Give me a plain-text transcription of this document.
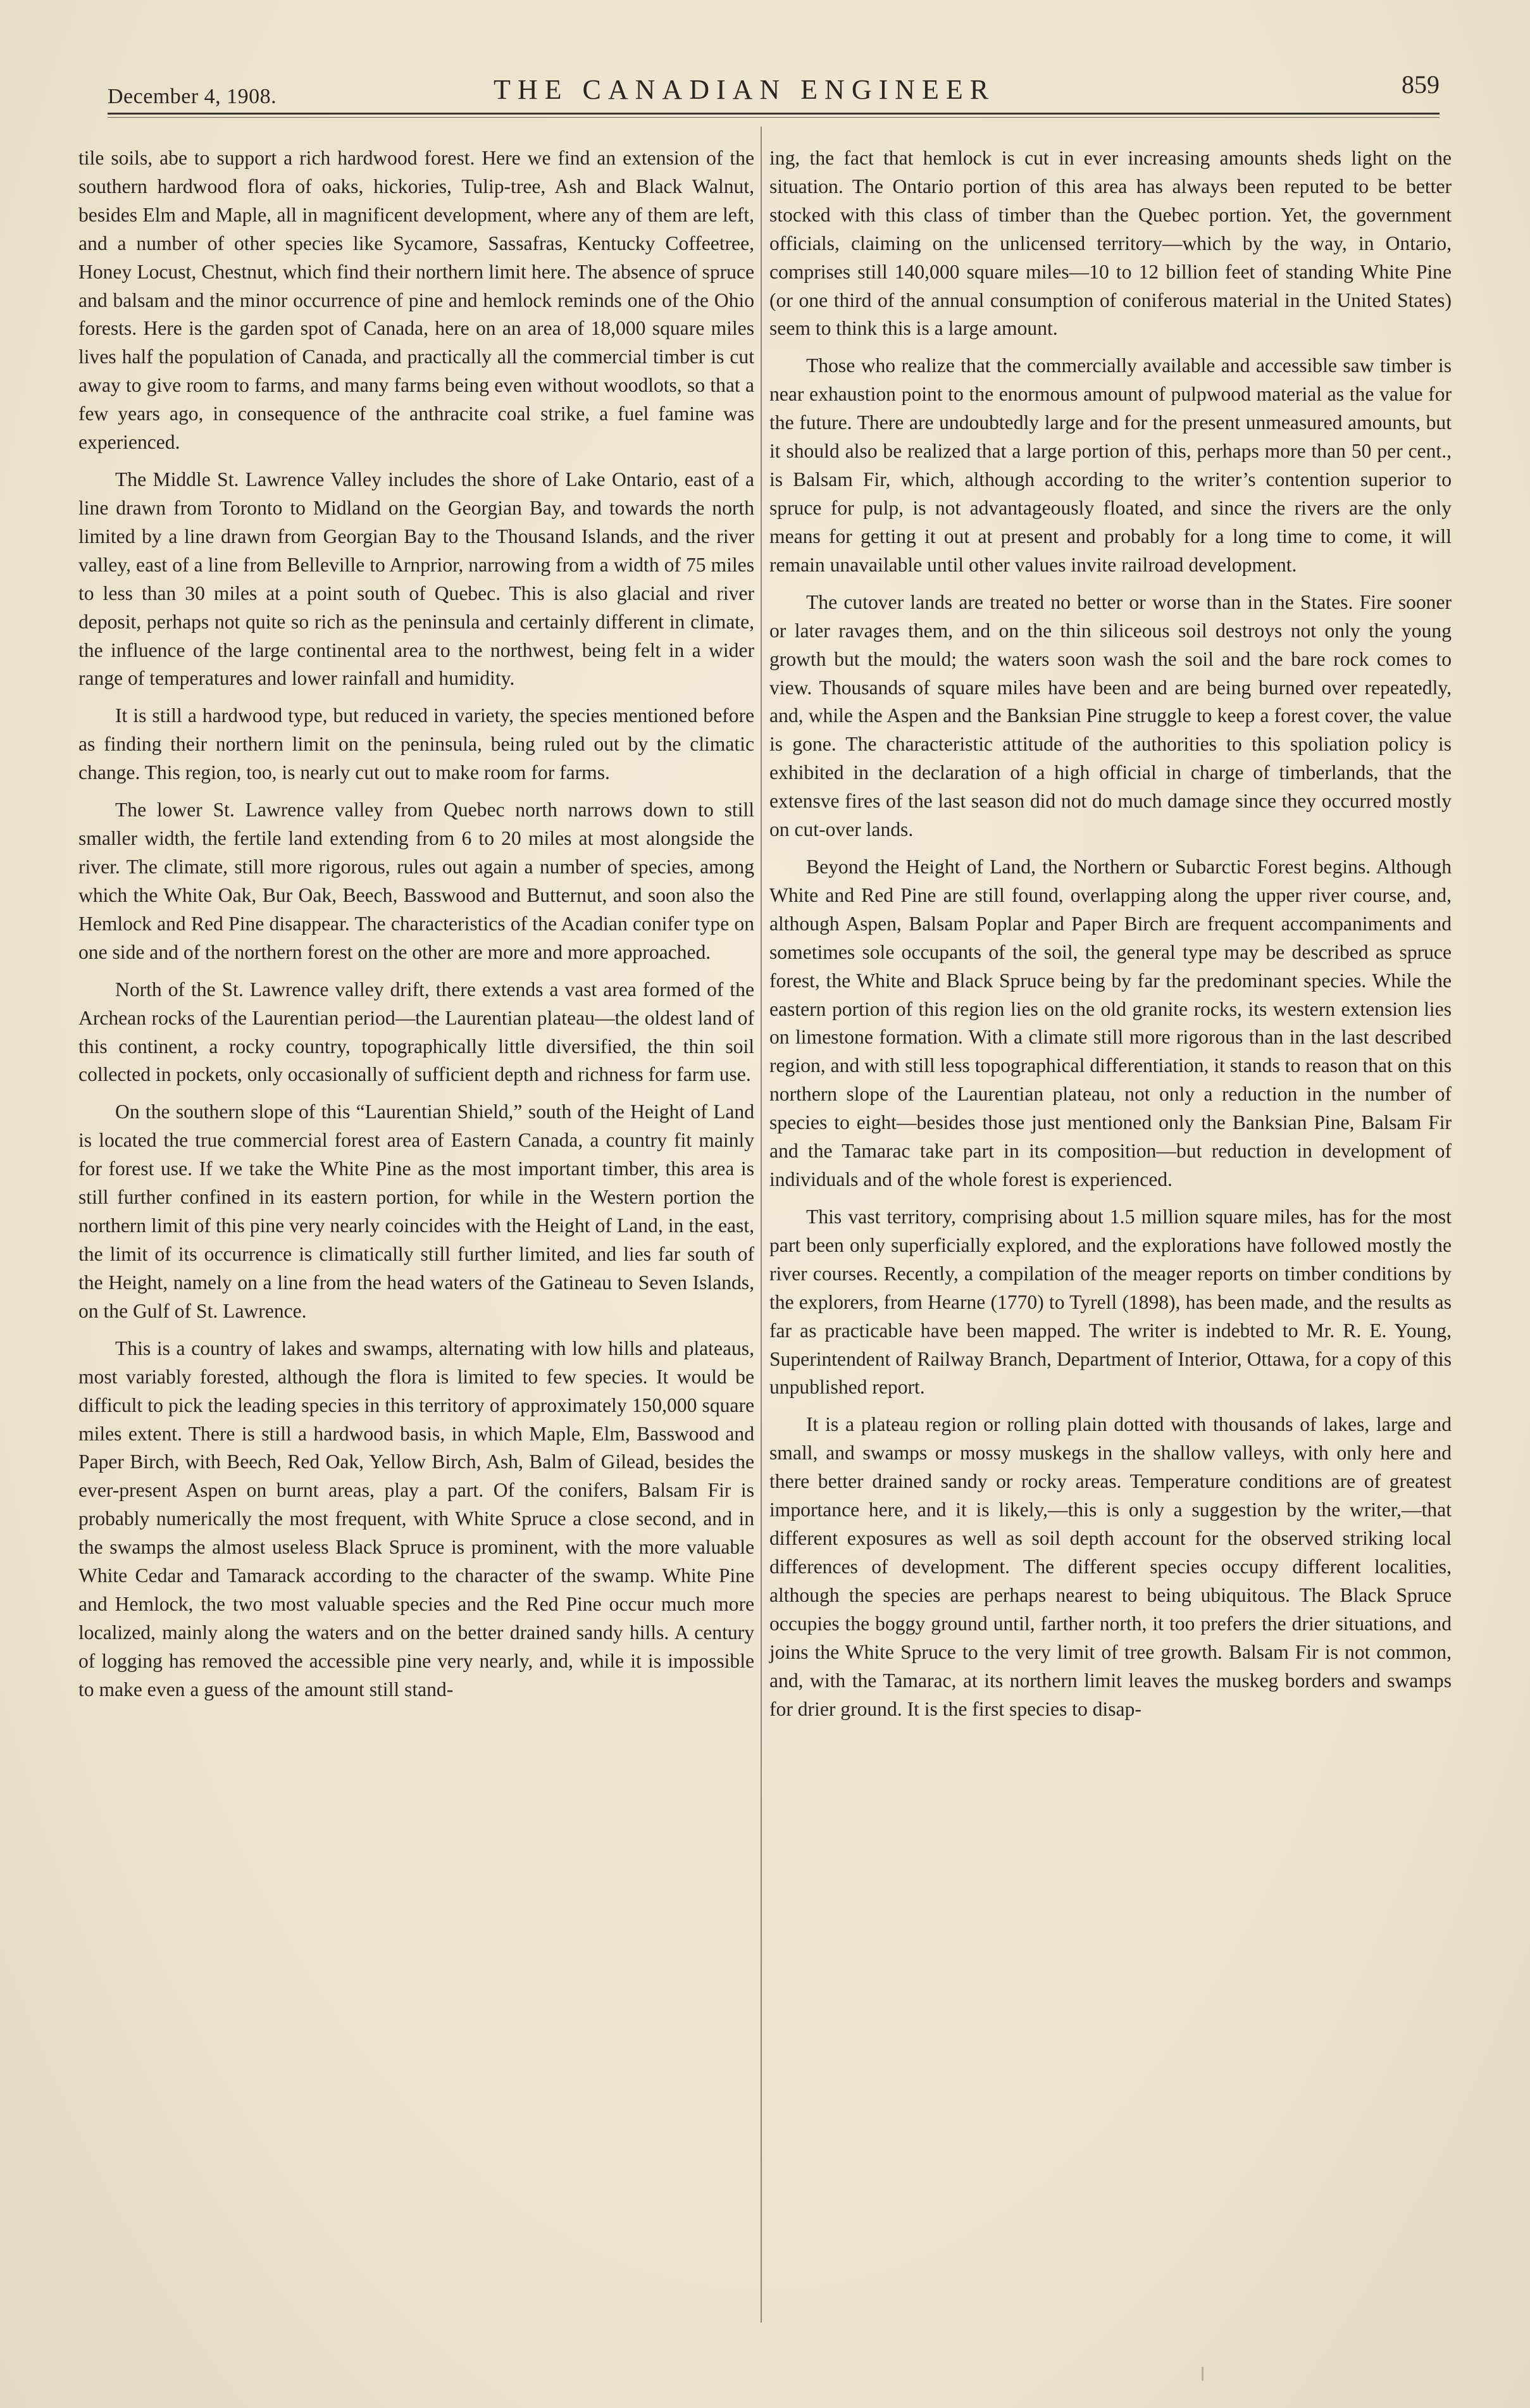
December 4, 1908.	THE CANADIAN ENGINEER	859

tile soils, abe to support a rich hardwood forest. Here we find an extension of the southern hardwood flora of oaks, hickories, Tulip-tree, Ash and Black Walnut, besides Elm and Maple, all in magnificent development, where any of them are left, and a number of other species like Sycamore, Sassafras, Kentucky Coffeetree, Honey Locust, Chestnut, which find their northern limit here. The absence of spruce and balsam and the minor occurrence of pine and hemlock reminds one of the Ohio forests. Here is the garden spot of Canada, here on an area of 18,000 square miles lives half the population of Canada, and practically all the commercial timber is cut away to give room to farms, and many farms being even without woodlots, so that a few years ago, in consequence of the anthracite coal strike, a fuel famine was experienced.

The Middle St. Lawrence Valley includes the shore of Lake Ontario, east of a line drawn from Toronto to Midland on the Georgian Bay, and towards the north limited by a line drawn from Georgian Bay to the Thousand Islands, and the river valley, east of a line from Belleville to Arnprior, narrowing from a width of 75 miles to less than 30 miles at a point south of Quebec. This is also glacial and river deposit, perhaps not quite so rich as the peninsula and certainly different in climate, the influence of the large continental area to the northwest, being felt in a wider range of temperatures and lower rainfall and humidity.

It is still a hardwood type, but reduced in variety, the species mentioned before as finding their northern limit on the peninsula, being ruled out by the climatic change. This region, too, is nearly cut out to make room for farms.

The lower St. Lawrence valley from Quebec north narrows down to still smaller width, the fertile land extending from 6 to 20 miles at most alongside the river. The climate, still more rigorous, rules out again a number of species, among which the White Oak, Bur Oak, Beech, Basswood and Butternut, and soon also the Hemlock and Red Pine disappear. The characteristics of the Acadian conifer type on one side and of the northern forest on the other are more and more approached.

North of the St. Lawrence valley drift, there extends a vast area formed of the Archean rocks of the Laurentian period—the Laurentian plateau—the oldest land of this continent, a rocky country, topographically little diversified, the thin soil collected in pockets, only occasionally of sufficient depth and richness for farm use.

On the southern slope of this “Laurentian Shield,” south of the Height of Land is located the true commercial forest area of Eastern Canada, a country fit mainly for forest use. If we take the White Pine as the most important timber, this area is still further confined in its eastern portion, for while in the Western portion the northern limit of this pine very nearly coincides with the Height of Land, in the east, the limit of its occurrence is climatically still further limited, and lies far south of the Height, namely on a line from the head waters of the Gatineau to Seven Islands, on the Gulf of St. Lawrence.

This is a country of lakes and swamps, alternating with low hills and plateaus, most variably forested, although the flora is limited to few species. It would be difficult to pick the leading species in this territory of approximately 150,000 square miles extent. There is still a hardwood basis, in which Maple, Elm, Basswood and Paper Birch, with Beech, Red Oak, Yellow Birch, Ash, Balm of Gilead, besides the ever-present Aspen on burnt areas, play a part. Of the conifers, Balsam Fir is probably numerically the most frequent, with White Spruce a close second, and in the swamps the almost useless Black Spruce is prominent, with the more valuable White Cedar and Tamarack according to the character of the swamp. White Pine and Hemlock, the two most valuable species and the Red Pine occur much more localized, mainly along the waters and on the better drained sandy hills. A century of logging has removed the accessible pine very nearly, and, while it is impossible to make even a guess of the amount still stand-

ing, the fact that hemlock is cut in ever increasing amounts sheds light on the situation. The Ontario portion of this area has always been reputed to be better stocked with this class of timber than the Quebec portion. Yet, the government officials, claiming on the unlicensed territory—which by the way, in Ontario, comprises still 140,000 square miles—10 to 12 billion feet of standing White Pine (or one third of the annual consumption of coniferous material in the United States) seem to think this is a large amount.

Those who realize that the commercially available and accessible saw timber is near exhaustion point to the enormous amount of pulpwood material as the value for the future. There are undoubtedly large and for the present unmeasured amounts, but it should also be realized that a large portion of this, perhaps more than 50 per cent., is Balsam Fir, which, although according to the writer’s contention superior to spruce for pulp, is not advantageously floated, and since the rivers are the only means for getting it out at present and probably for a long time to come, it will remain unavailable until other values invite railroad development.

The cutover lands are treated no better or worse than in the States. Fire sooner or later ravages them, and on the thin siliceous soil destroys not only the young growth but the mould; the waters soon wash the soil and the bare rock comes to view. Thousands of square miles have been and are being burned over repeatedly, and, while the Aspen and the Banksian Pine struggle to keep a forest cover, the value is gone. The characteristic attitude of the authorities to this spoliation policy is exhibited in the declaration of a high official in charge of timberlands, that the extensve fires of the last season did not do much damage since they occurred mostly on cut-over lands.

Beyond the Height of Land, the Northern or Subarctic Forest begins. Although White and Red Pine are still found, overlapping along the upper river course, and, although Aspen, Balsam Poplar and Paper Birch are frequent accompaniments and sometimes sole occupants of the soil, the general type may be described as spruce forest, the White and Black Spruce being by far the predominant species. While the eastern portion of this region lies on the old granite rocks, its western extension lies on limestone formation. With a climate still more rigorous than in the last described region, and with still less topographical differentiation, it stands to reason that on this northern slope of the Laurentian plateau, not only a reduction in the number of species to eight—besides those just mentioned only the Banksian Pine, Balsam Fir and the Tamarac take part in its composition—but reduction in development of individuals and of the whole forest is experienced.

This vast territory, comprising about 1.5 million square miles, has for the most part been only superficially explored, and the explorations have followed mostly the river courses. Recently, a compilation of the meager reports on timber conditions by the explorers, from Hearne (1770) to Tyrell (1898), has been made, and the results as far as practicable have been mapped. The writer is indebted to Mr. R. E. Young, Superintendent of Railway Branch, Department of Interior, Ottawa, for a copy of this unpublished report.

It is a plateau region or rolling plain dotted with thousands of lakes, large and small, and swamps or mossy muskegs in the shallow valleys, with only here and there better drained sandy or rocky areas. Temperature conditions are of greatest importance here, and it is likely,—this is only a suggestion by the writer,—that different exposures as well as soil depth account for the observed striking local differences of development. The different species occupy different localities, although the species are perhaps nearest to being ubiquitous. The Black Spruce occupies the boggy ground until, farther north, it too prefers the drier situations, and joins the White Spruce to the very limit of tree growth. Balsam Fir is not common, and, with the Tamarac, at its northern limit leaves the muskeg borders and swamps for drier ground. It is the first species to disap-
